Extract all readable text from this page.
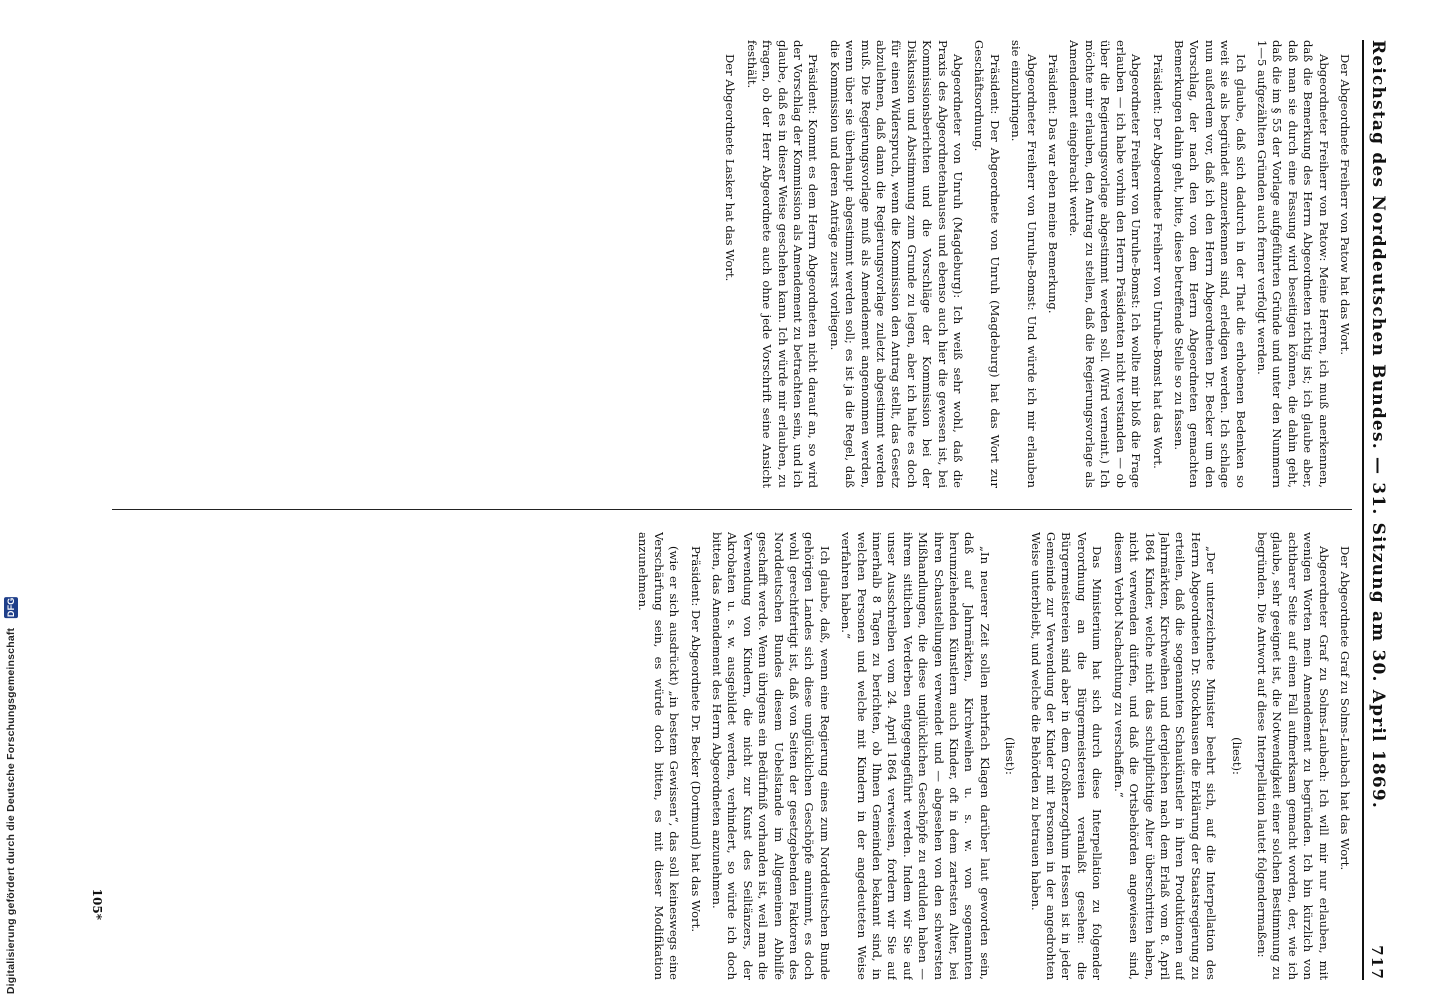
Digitalisierung gefördert durch die Deutsche Forschungsgemeinschaft DFG	Reichstag des Norddeutschen Bundes. — 31. Sitzung am 30. April 1869.
717

Der Abgeordnete Freiherr von Patow hat das Wort.

Abgeordneter Freiherr von Patow: Meine Herren, ich muß anerkennen, daß die Bemerkung des Herrn Abgeordneten richtig ist; ich glaube aber, daß man sie durch eine Fassung wird beseitigen können, die dahin geht, daß die im § 55 der Vorlage aufgeführten Gründe und unter den Nummern 1—5 aufgezählten Gründen auch ferner verfolgt werden.

Ich glaube, daß sich dadurch in der That die erhobenen Bedenken so weit sie als begründet anzuerkennen sind, erledigen werden. Ich schlage nun außerdem vor, daß ich den Herrn Abgeordneten Dr. Becker um den Vorschlag, der nach den von dem Herrn Abgeordneten gemachten Bemerkungen dahin geht, bitte, diese betreffende Stelle so zu fassen.

Präsident: Der Abgeordnete Freiherr von Unruhe-Bomst hat das Wort.

Abgeordneter Freiherr von Unruhe-Bomst: Ich wollte mir bloß die Frage erlauben — ich habe vorhin den Herrn Präsidenten nicht verstanden — ob über die Regierungsvorlage abgestimmt werden soll. (Wird verneint.) Ich möchte mir erlauben, den Antrag zu stellen, daß die Regierungsvorlage als Amendement eingebracht werde.

Präsident: Das war eben meine Bemerkung.

Abgeordneter Freiherr von Unruhe-Bomst: Und würde ich mir erlauben sie einzubringen.

Präsident: Der Abgeordnete von Unruh (Magdeburg) hat das Wort zur Geschäftsordnung.

Abgeordneter von Unruh (Magdeburg): Ich weiß sehr wohl, daß die Praxis des Abgeordnetenhauses und ebenso auch hier die gewesen ist, bei Kommissionsberichten und die Vorschläge der Kommission bei der Diskussion und Abstimmung zum Grunde zu legen, aber ich halte es doch für einen Widerspruch, wenn die Kommission den Antrag stellt, das Gesetz abzulehnen, daß dann die Regierungsvorlage zuletzt abgestimmt werden muß. Die Regierungsvorlage muß als Amendement angenommen werden, wenn über sie überhaupt abgestimmt werden soll; es ist ja die Regel, daß die Kommission und deren Anträge zuerst vorliegen.

Präsident: Kommt es dem Herrn Abgeordneten nicht darauf an, so wird der Vorschlag der Kommission als Amendement zu betrachten sein, und ich glaube, daß es in dieser Weise geschehen kann. Ich würde mir erlauben, zu fragen, ob der Herr Abgeordnete auch ohne jede Vorschrift seine Ansicht festhält.

Der Abgeordnete Lasker hat das Wort.

Der Abgeordnete Graf zu Solms-Laubach hat das Wort.

Abgeordneter Graf zu Solms-Laubach: Ich will mir nur erlauben, mit wenigen Worten mein Amendement zu begründen. Ich bin kürzlich von achtbarer Seite auf einen Fall aufmerksam gemacht worden, der, wie ich glaube, sehr geeignet ist, die Notwendigkeit einer solchen Bestimmung zu begründen. Die Antwort auf diese Interpellation lautet folgendermaßen:

(liest):

„Der unterzeichnete Minister beehrt sich, auf die Interpellation des Herrn Abgeordneten Dr. Stockhausen die Erklärung der Staatsregierung zu erteilen, daß die sogenannten Schaukünstler in ihren Produktionen auf Jahrmärkten, Kirchweihen und dergleichen nach dem Erlaß vom 8. April 1864 Kinder, welche nicht das schulpflichtige Alter überschritten haben, nicht verwenden dürfen, und daß die Ortsbehörden angewiesen sind, diesem Verbot Nachachtung zu verschaffen.“

Das Ministerium hat sich durch diese Interpellation zu folgender Verordnung an die Bürgermeistereien veranlaßt gesehen: die Bürgermeistereien sind aber in dem Großherzogthum Hessen ist in jeder Gemeinde zur Verwendung der Kinder mit Personen in der angedrohten Weise unterbleibt, und welche die Behörden zu betrauen haben.

(liest):

„In neuerer Zeit sollen mehrfach Klagen darüber laut geworden sein, daß auf Jahrmärkten, Kirchweihen u. s. w. von sogenannten herumziehenden Künstlern auch Kinder, oft in dem zartesten Alter, bei ihren Schaustellungen verwendet und — abgesehen von den schwersten Mißhandlungen, die diese unglücklichen Geschöpfe zu erdulden haben — ihrem sittlichen Verderben entgegengeführt werden. Indem wir Sie auf unser Ausschreiben vom 24. April 1864 verweisen, fordern wir Sie auf innerhalb 8 Tagen zu berichten, ob Ihnen Gemeinden bekannt sind, in welchen Personen und welche mit Kindern in der angedeuteten Weise verfahren haben.“

Ich glaube, daß, wenn eine Regierung eines zum Norddeutschen Bunde gehörigen Landes sich diese unglücklichen Geschöpfe annimmt, es doch wohl gerechtfertigt ist, daß von Seiten der gesetzgebenden Faktoren des Norddeutschen Bundes diesem Uebelstande im Allgemeinen Abhilfe geschafft werde. Wenn übrigens ein Bedürfniß vorhanden ist, weil man die Verwendung von Kindern, die nicht zur Kunst des Seiltänzers, der Akrobaten u. s. w. ausgebildet werden, verhindert, so würde ich doch bitten, das Amendement des Herrn Abgeordneten anzunehmen.

Präsident: Der Abgeordnete Dr. Becker (Dortmund) hat das Wort.

(wie er sich ausdrückt) „in bestem Gewissen“, das soll keineswegs eine Verschärfung sein, es würde doch bitten, es mit dieser Modifikation anzunehmen.

105*
